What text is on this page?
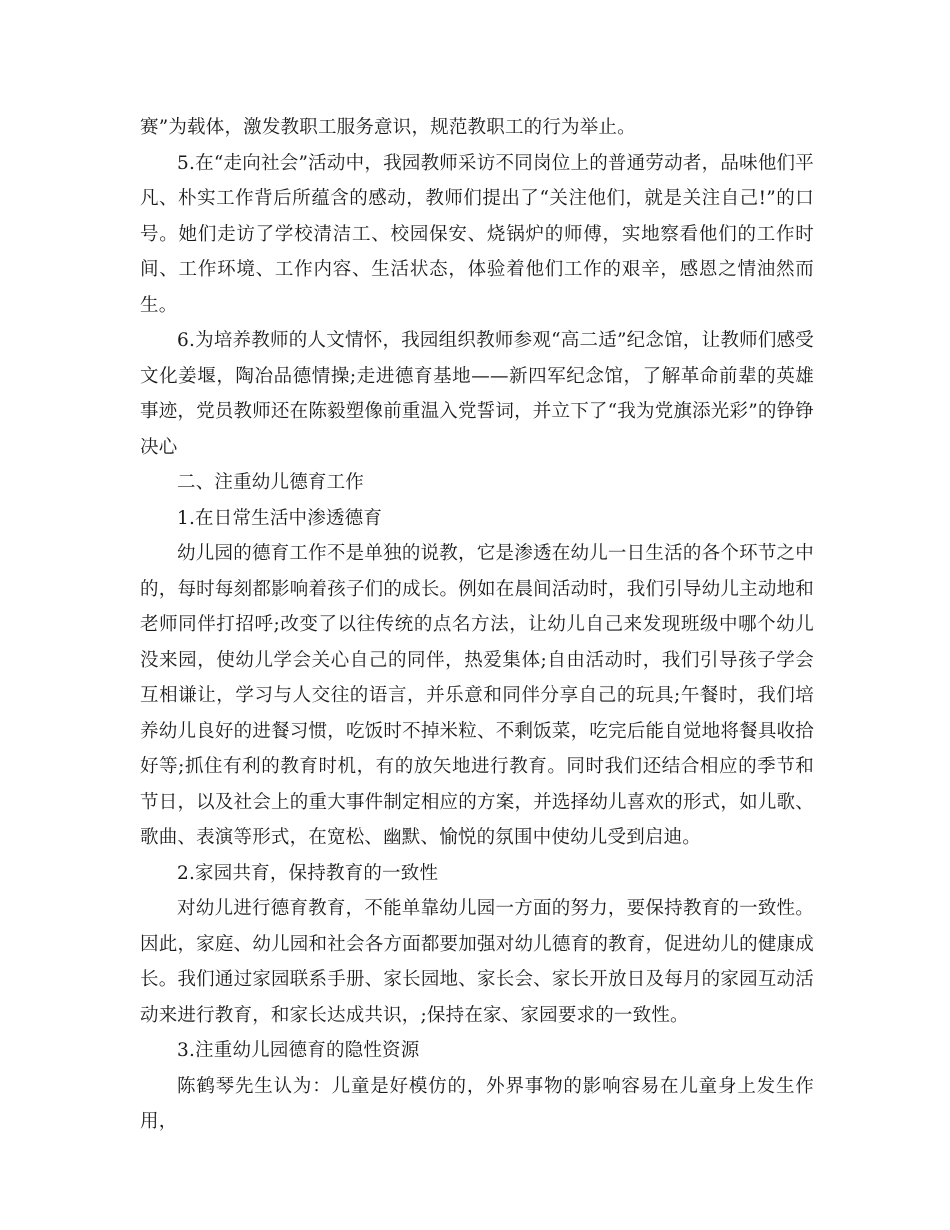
赛”为载体，激发教职工服务意识，规范教职工的行为举止。

5.在“走向社会”活动中，我园教师采访不同岗位上的普通劳动者，品味他们平凡、朴实工作背后所蕴含的感动，教师们提出了“关注他们，就是关注自己!”的口号。她们走访了学校清洁工、校园保安、烧锅炉的师傅，实地察看他们的工作时间、工作环境、工作内容、生活状态，体验着他们工作的艰辛，感恩之情油然而生。

6.为培养教师的人文情怀，我园组织教师参观“高二适”纪念馆，让教师们感受文化姜堰，陶冶品德情操;走进德育基地——新四军纪念馆，了解革命前辈的英雄事迹，党员教师还在陈毅塑像前重温入党誓词，并立下了“我为党旗添光彩”的铮铮决心

二、注重幼儿德育工作

1.在日常生活中渗透德育

幼儿园的德育工作不是单独的说教，它是渗透在幼儿一日生活的各个环节之中的，每时每刻都影响着孩子们的成长。例如在晨间活动时，我们引导幼儿主动地和老师同伴打招呼;改变了以往传统的点名方法，让幼儿自己来发现班级中哪个幼儿没来园，使幼儿学会关心自己的同伴，热爱集体;自由活动时，我们引导孩子学会互相谦让，学习与人交往的语言，并乐意和同伴分享自己的玩具;午餐时，我们培养幼儿良好的进餐习惯，吃饭时不掉米粒、不剩饭菜，吃完后能自觉地将餐具收拾好等;抓住有利的教育时机，有的放矢地进行教育。同时我们还结合相应的季节和节日，以及社会上的重大事件制定相应的方案，并选择幼儿喜欢的形式，如儿歌、歌曲、表演等形式，在宽松、幽默、愉悦的氛围中使幼儿受到启迪。

2.家园共育，保持教育的一致性

对幼儿进行德育教育，不能单靠幼儿园一方面的努力，要保持教育的一致性。因此，家庭、幼儿园和社会各方面都要加强对幼儿德育的教育，促进幼儿的健康成长。我们通过家园联系手册、家长园地、家长会、家长开放日及每月的家园互动活动来进行教育，和家长达成共识，;保持在家、家园要求的一致性。

3.注重幼儿园德育的隐性资源

陈鹤琴先生认为：儿童是好模仿的，外界事物的影响容易在儿童身上发生作用，
